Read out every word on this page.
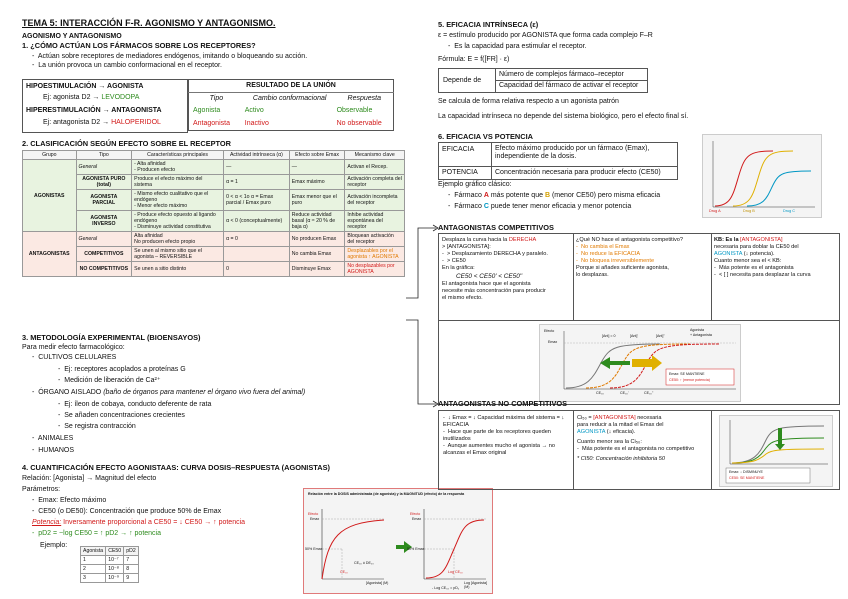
TEMA 5: INTERACCIÓN F-R. AGONISMO Y ANTAGONISMO.
AGONISMO Y ANTAGONISMO
1. ¿CÓMO ACTÚAN LOS FÁRMACOS SOBRE LOS RECEPTORES?
-  Actúan sobre receptores de mediadores endógenos, imitando o bloqueando su acción.
-  La unión provoca un cambio conformacional en el receptor.
HIPOESTIMULACIÓN → AGONISTA
Ej: agonista D2 → LEVODOPA
HIPERESTIMULACIÓN → ANTAGONISTA
Ej: antagonista D2 → HALOPERIDOL
RESULTADO DE LA UNIÓN		
Tipo	Cambio conformacional	Respuesta
Agonista	Activo	Observable
Antagonista	Inactivo	No observable
2. CLASIFICACIÓN SEGÚN EFECTO SOBRE EL RECEPTOR
Grupo	Tipo	Características principales	Actividad intrínseca (α)	Efecto sobre Emax	Mecanismo clave
AGONISTAS	General	- Alta afinidad
- Producen efecto	—	—	Activan el Recep.
	AGONISTA PURO (total)	Produce el efecto máximo del sistema	α = 1	Emax máximo	Activación completa del receptor
	AGONISTA PARCIAL	- Mismo efecto cualitativo que el endógeno
- Menor efecto máximo	0 < α < 1o α = Emax parcial / Emax puro	Emax menor que el puro	Activación incompleta del receptor
	AGONISTA INVERSO	- Produce efecto opuesto al ligando endógeno
- Disminuye actividad constitutiva	α < 0 (conceptualmente)	Reduce actividad basal (α ≈ 20 % de baja α)	Inhibe actividad espontánea del receptor
ANTAGONISTAS	General	Alta afinidad
No producen efecto propio	α = 0	No producen Emax	Bloquean activación del receptor
	COMPETITIVOS	Se unen al mismo sitio que el agonista – REVERSIBLE		No cambia Emax	Desplazables por el agonista ↑ AGONISTA
	NO COMPETITIVOS	Se unen a sitio distinto	0	Disminuye Emax	No desplazables por AGONISTA
3. METODOLOGÍA EXPERIMENTAL (BIOENSAYOS)
Para medir efecto farmacológico:
-  CULTIVOS CELULARES
-  Ej: receptores acoplados a proteínas G
-  Medición de liberación de Ca²⁺
-  ÓRGANO AISLADO (baño de órganos para mantener el órgano vivo fuera del animal)
-  Ej: íleon de cobaya, conducto deferente de rata
-  Se añaden concentraciones crecientes
-  Se registra contracción
-  ANIMALES
-  HUMANOS
4. CUANTIFICACIÓN EFECTO AGONISTAAS: CURVA DOSIS–RESPUESTA (AGONISTAS)
Relación: [Agonista] → Magnitud del efecto
Parámetros:
-  Emax: Efecto máximo
-  CE50 (o DE50): Concentración que produce 50% de Emax
Potencia: Inversamente proporcional a CE50 = ↓ CE50 → ↑ potencia
-  pD2 = −log CE50 = ↑ pD2 → ↑ potencia
Ejemplo:
Agonista	CE50	pD2
1	10⁻⁷	7
2	10⁻⁸	8
3	10⁻⁹	9
Relación entre la DOSIS administrada (de agonista) y la MAGNITUD (efecto) de la respuesta
Efecto
Emax
50% Emax
CE₅₀
CE₅₀ ó DE₅₀
[Agonista] (M)
Efecto
Emax
50% Emax
Log CE₅₀
Log [Agonista] (M)
- Log CE₅₀ = pD₂
5. EFICACIA INTRÍNSECA (ε)
ε = estímulo producido por AGONISTA que forma cada complejo F–R
-  Es la capacidad para estimular el receptor.
Fórmula: E = f([FR] · ε)
Depende de
Número de complejos fármaco–receptor
Capacidad del fármaco de activar el receptor
Se calcula de forma relativa respecto a un agonista patrón
La capacidad intrínseca no depende del sistema biológico, pero el efecto final sí.
6. EFICACIA VS POTENCIA
EFICACIA	Efecto máximo producido por un fármaco (Emax), independiente de la dosis.
POTENCIA Concentración necesaria para producir efecto (CE50)
Ejemplo gráfico clásico:
-  Fármaco A más potente que B (menor CE50) pero misma eficacia
-  Fármaco C puede tener menor eficacia y menor potencia
Drug A	Drug B	Drug C
ANTAGONISTAS COMPETITIVOS
Desplaza la curva hacia la DERECHA
> [ANTAGONISTA]:
-  > Desplazamiento DERECHA y paralelo.
-  > CE50
En la gráfica:
CE50 < CE50' < CE50''
El antagonista hace que el agonista
necesite más concentración para producir
el mismo efecto.
¿Qué NO hace el antagonista competitivo?
-  No cambia el Emax
-  No reduce la EFICACIA
-  No bloquea irreversiblemente
Porque si añades suficiente agonista,
lo desplazas.
KB: Es la [ANTAGONISTA]
necesaria para doblar la CE50 del
AGONISTA (↓ potencia).
Cuanto menor sea el < KB:
-  Más potente es el antagonista
-  < [ ] necesita para desplazar la curva
Efecto
Emax
[Ant] = 0	[Ant]'	[Ant]''
Agonista
+ Antagonista
Emax: SE MANTIENE
CE50: ↑ (menor potencia)
CE₅₀	CE₅₀'	CE₅₀''
ANTAGONISTAS NO COMPETITIVOS
-  ↓ Emax = ↓ Capacidad máxima del sistema = ↓ EFICACIA
-  Hace que parte de los receptores queden inutilizados
-  Aunque aumentes mucho el agonista → no alcanzas el Emax original
Ci₅₀ = [ANTAGONISTA] necesaria
para reducir a la mitad el Emax del
AGONISTA (↓ eficacia).
Cuanto menor sea la Ci₅₀:
-  Más potente es el antagonista no competitivo
* CI50: Concentración inhibitoria 50
Emax: ↓ DISMINUYE
CE50: SE MANTIENE
